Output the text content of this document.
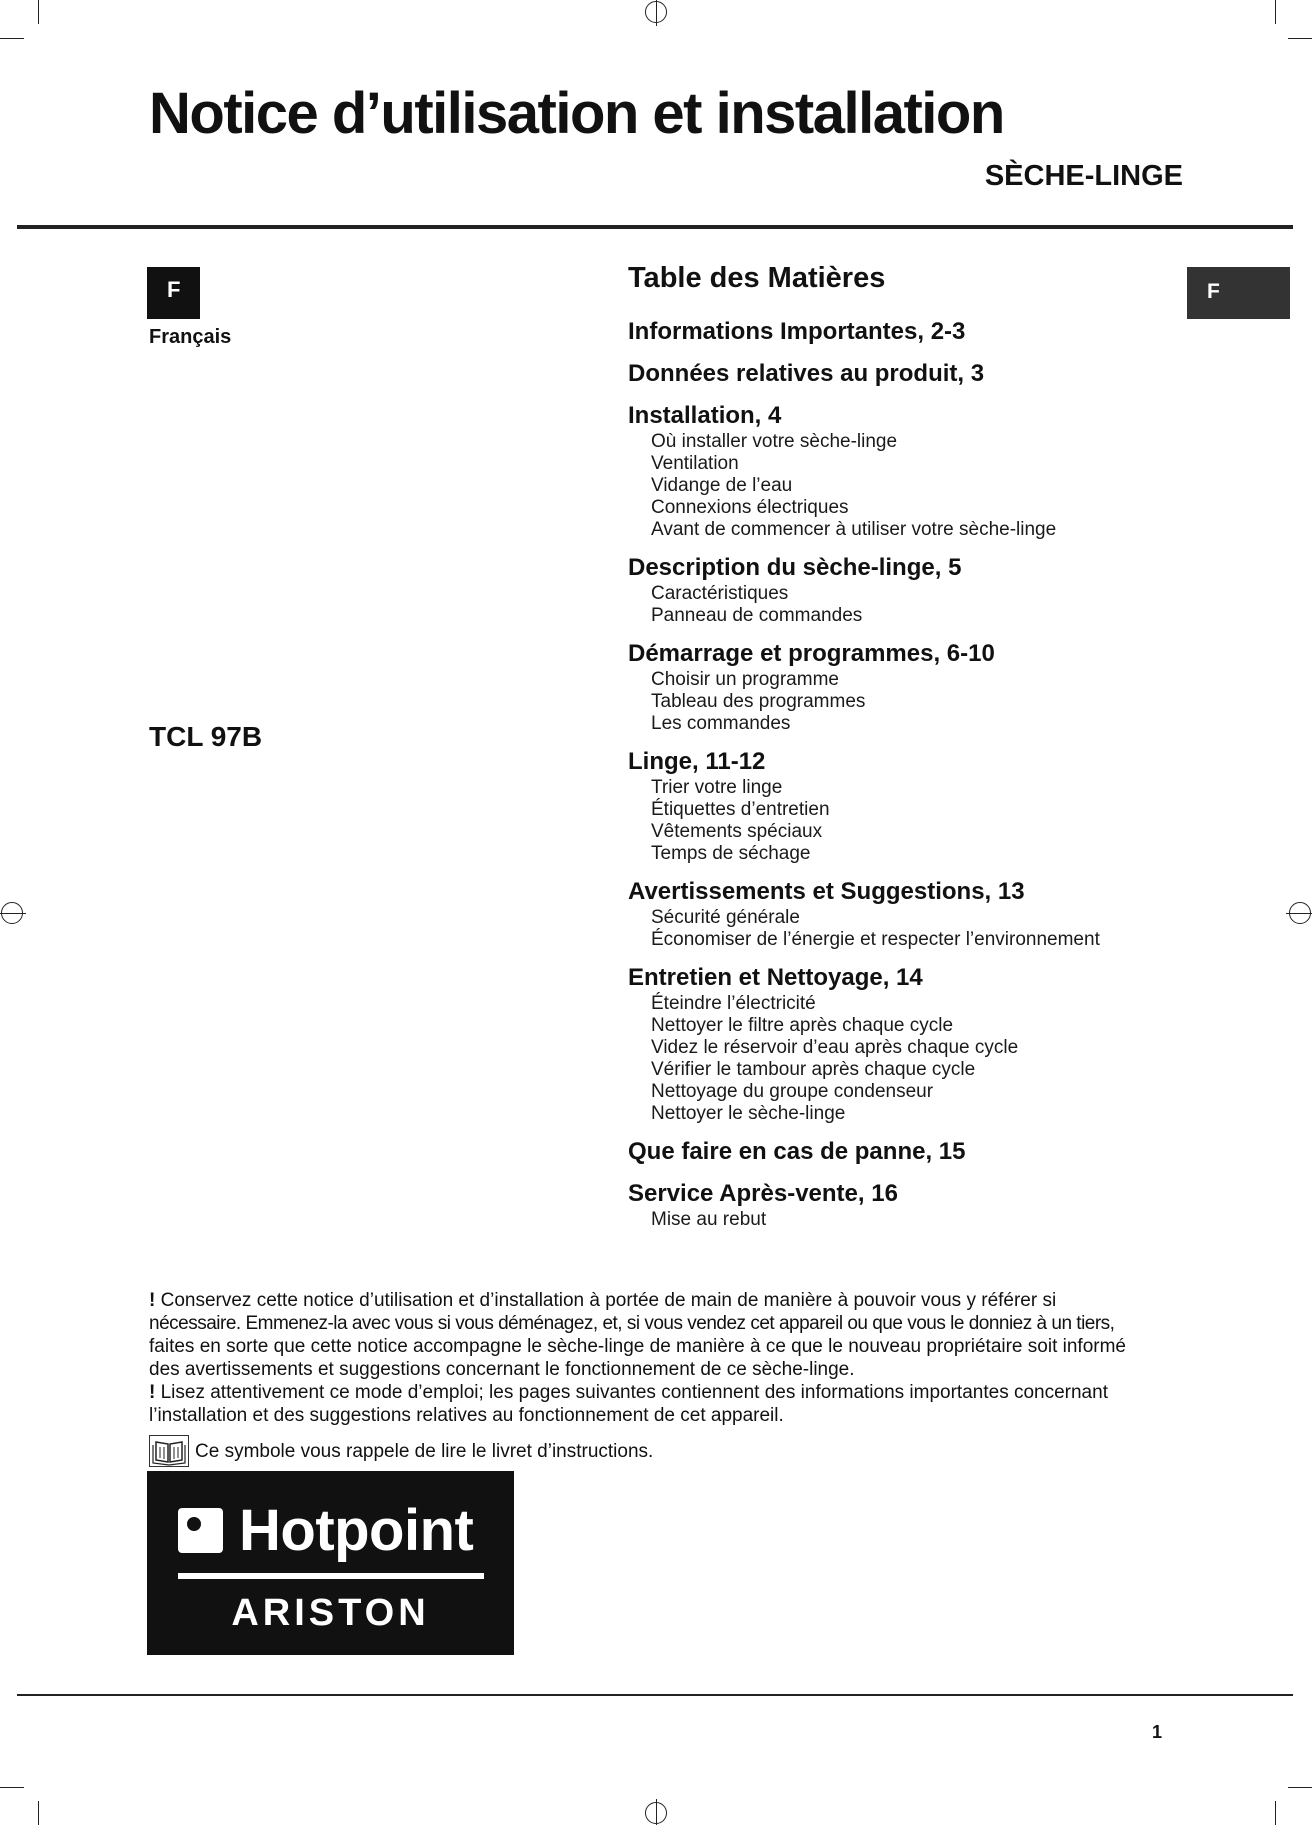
Notice d’utilisation et installation
SÈCHE-LINGE
F
Français
F
TCL 97B
Table des Matières
Informations Importantes, 2-3
Données relatives au produit, 3
Installation, 4
Où installer votre sèche-linge
Ventilation
Vidange de l’eau
Connexions électriques
Avant de commencer à utiliser votre sèche-linge
Description du sèche-linge, 5
Caractéristiques
Panneau de commandes
Démarrage et programmes, 6-10
Choisir un programme
Tableau des programmes
Les commandes
Linge, 11-12
Trier votre linge
Étiquettes d’entretien
Vêtements spéciaux
Temps de séchage
Avertissements et Suggestions, 13
Sécurité générale
Économiser de l’énergie et respecter l’environnement
Entretien et Nettoyage, 14
Éteindre l’électricité
Nettoyer le filtre après chaque cycle
Videz le réservoir d’eau après chaque cycle
Vérifier le tambour après chaque cycle
Nettoyage du groupe condenseur
Nettoyer le sèche-linge
Que faire en cas de panne, 15
Service Après-vente, 16
Mise au rebut
! Conservez cette notice d’utilisation et d’installation à portée de main de manière à pouvoir vous y référer si
nécessaire. Emmenez-la avec vous si vous déménagez, et, si vous vendez cet appareil ou que vous le donniez à un tiers,
faites en sorte que cette notice accompagne le sèche-linge de manière à ce que le nouveau propriétaire soit informé
des avertissements et suggestions concernant le fonctionnement de ce sèche-linge.
! Lisez attentivement ce mode d’emploi; les pages suivantes contiennent des informations importantes concernant
l’installation et des suggestions relatives au fonctionnement de cet appareil.
Ce symbole vous rappele de lire le livret d’instructions.
Hotpoint
ARISTON
1
